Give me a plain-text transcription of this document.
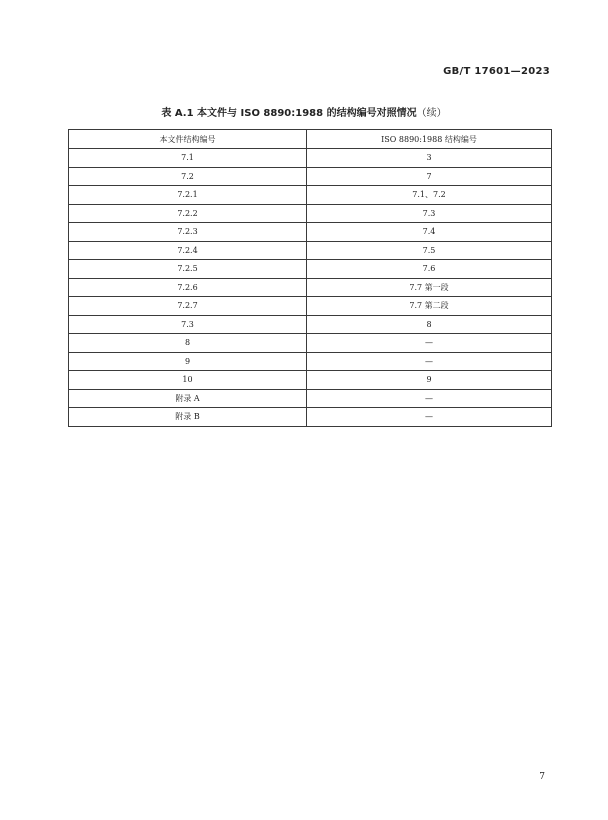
GB/T 17601—2023
表 A.1 本文件与 ISO 8890:1988 的结构编号对照情况（续）
本文件结构编号	ISO 8890:1988 结构编号
7.1	3
7.2	7
7.2.1	7.1、7.2
7.2.2	7.3
7.2.3	7.4
7.2.4	7.5
7.2.5	7.6
7.2.6	7.7 第一段
7.2.7	7.7 第二段
7.3	8
8	—
9	—
10	9
附录 A	—
附录 B	—
7
